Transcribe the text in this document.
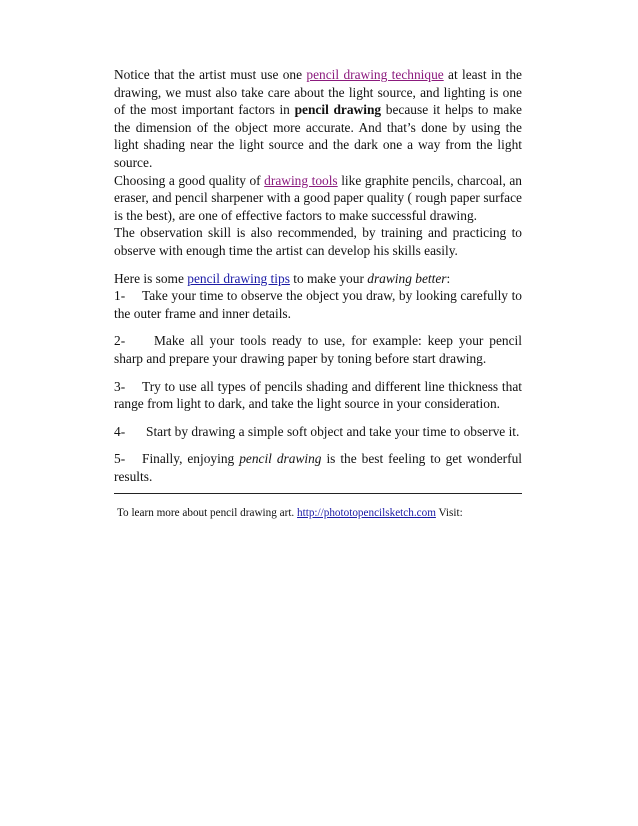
Notice that the artist must use one pencil drawing technique at least in the drawing, we must also take care about the light source, and lighting is one of the most important factors in pencil drawing because it helps to make the dimension of the object more accurate. And that’s done by using the light shading near the light source and the dark one a way from the light source.

Choosing a good quality of drawing tools like graphite pencils, charcoal, an eraser, and pencil sharpener with a good paper quality ( rough paper surface is the best), are one of effective factors to make successful drawing.

The observation skill is also recommended, by training and practicing to observe with enough time the artist can develop his skills easily.

Here is some pencil drawing tips to make your drawing better:

1- Take your time to observe the object you draw, by looking carefully to the outer frame and inner details.

2- Make all your tools ready to use, for example: keep your pencil sharp and prepare your drawing paper by toning before start drawing.

3- Try to use all types of pencils shading and different line thickness that range from light to dark, and take the light source in your consideration.

4- Start by drawing a simple soft object and take your time to observe it.

5- Finally, enjoying pencil drawing is the best feeling to get wonderful results.

To learn more about pencil drawing art. http://phototopencilsketch.com Visit:
